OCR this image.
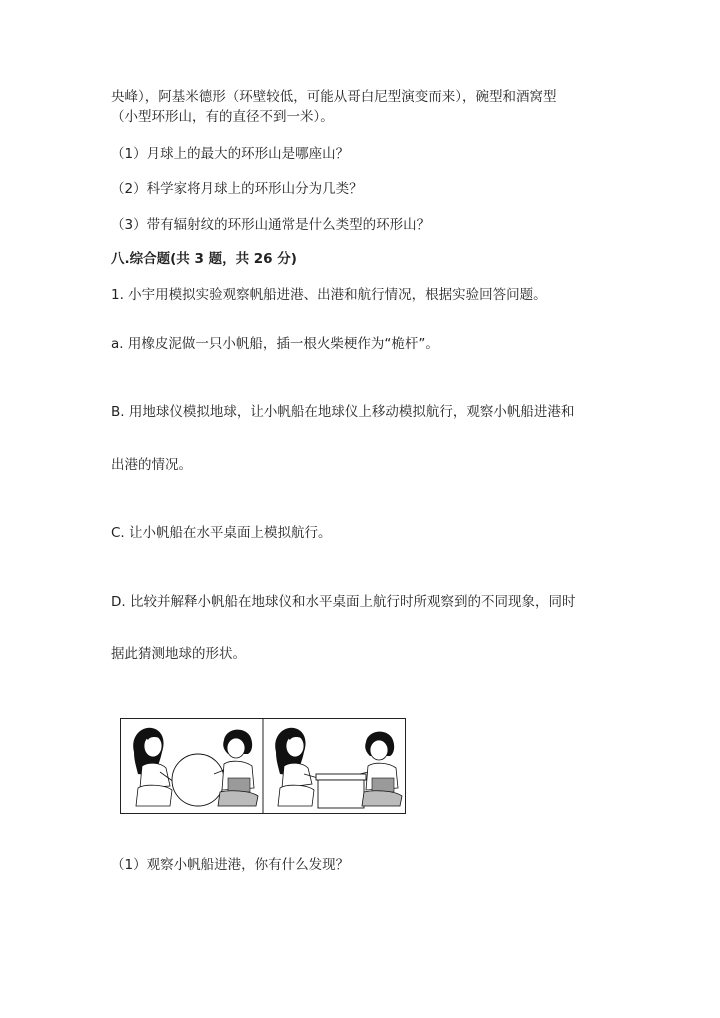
央峰），阿基米德形（环壁较低，可能从哥白尼型演变而来），碗型和酒窝型
（小型环形山，有的直径不到一米）。
（1）月球上的最大的环形山是哪座山？
（2）科学家将月球上的环形山分为几类？
（3）带有辐射纹的环形山通常是什么类型的环形山？
八.综合题(共 3 题，共 26 分)
1. 小宇用模拟实验观察帆船进港、出港和航行情况，根据实验回答问题。
a. 用橡皮泥做一只小帆船，插一根火柴梗作为“桅杆”。
B. 用地球仪模拟地球，让小帆船在地球仪上移动模拟航行，观察小帆船进港和
出港的情况。
C. 让小帆船在水平桌面上模拟航行。
D. 比较并解释小帆船在地球仪和水平桌面上航行时所观察到的不同现象，同时
据此猜测地球的形状。
（1）观察小帆船进港，你有什么发现？
